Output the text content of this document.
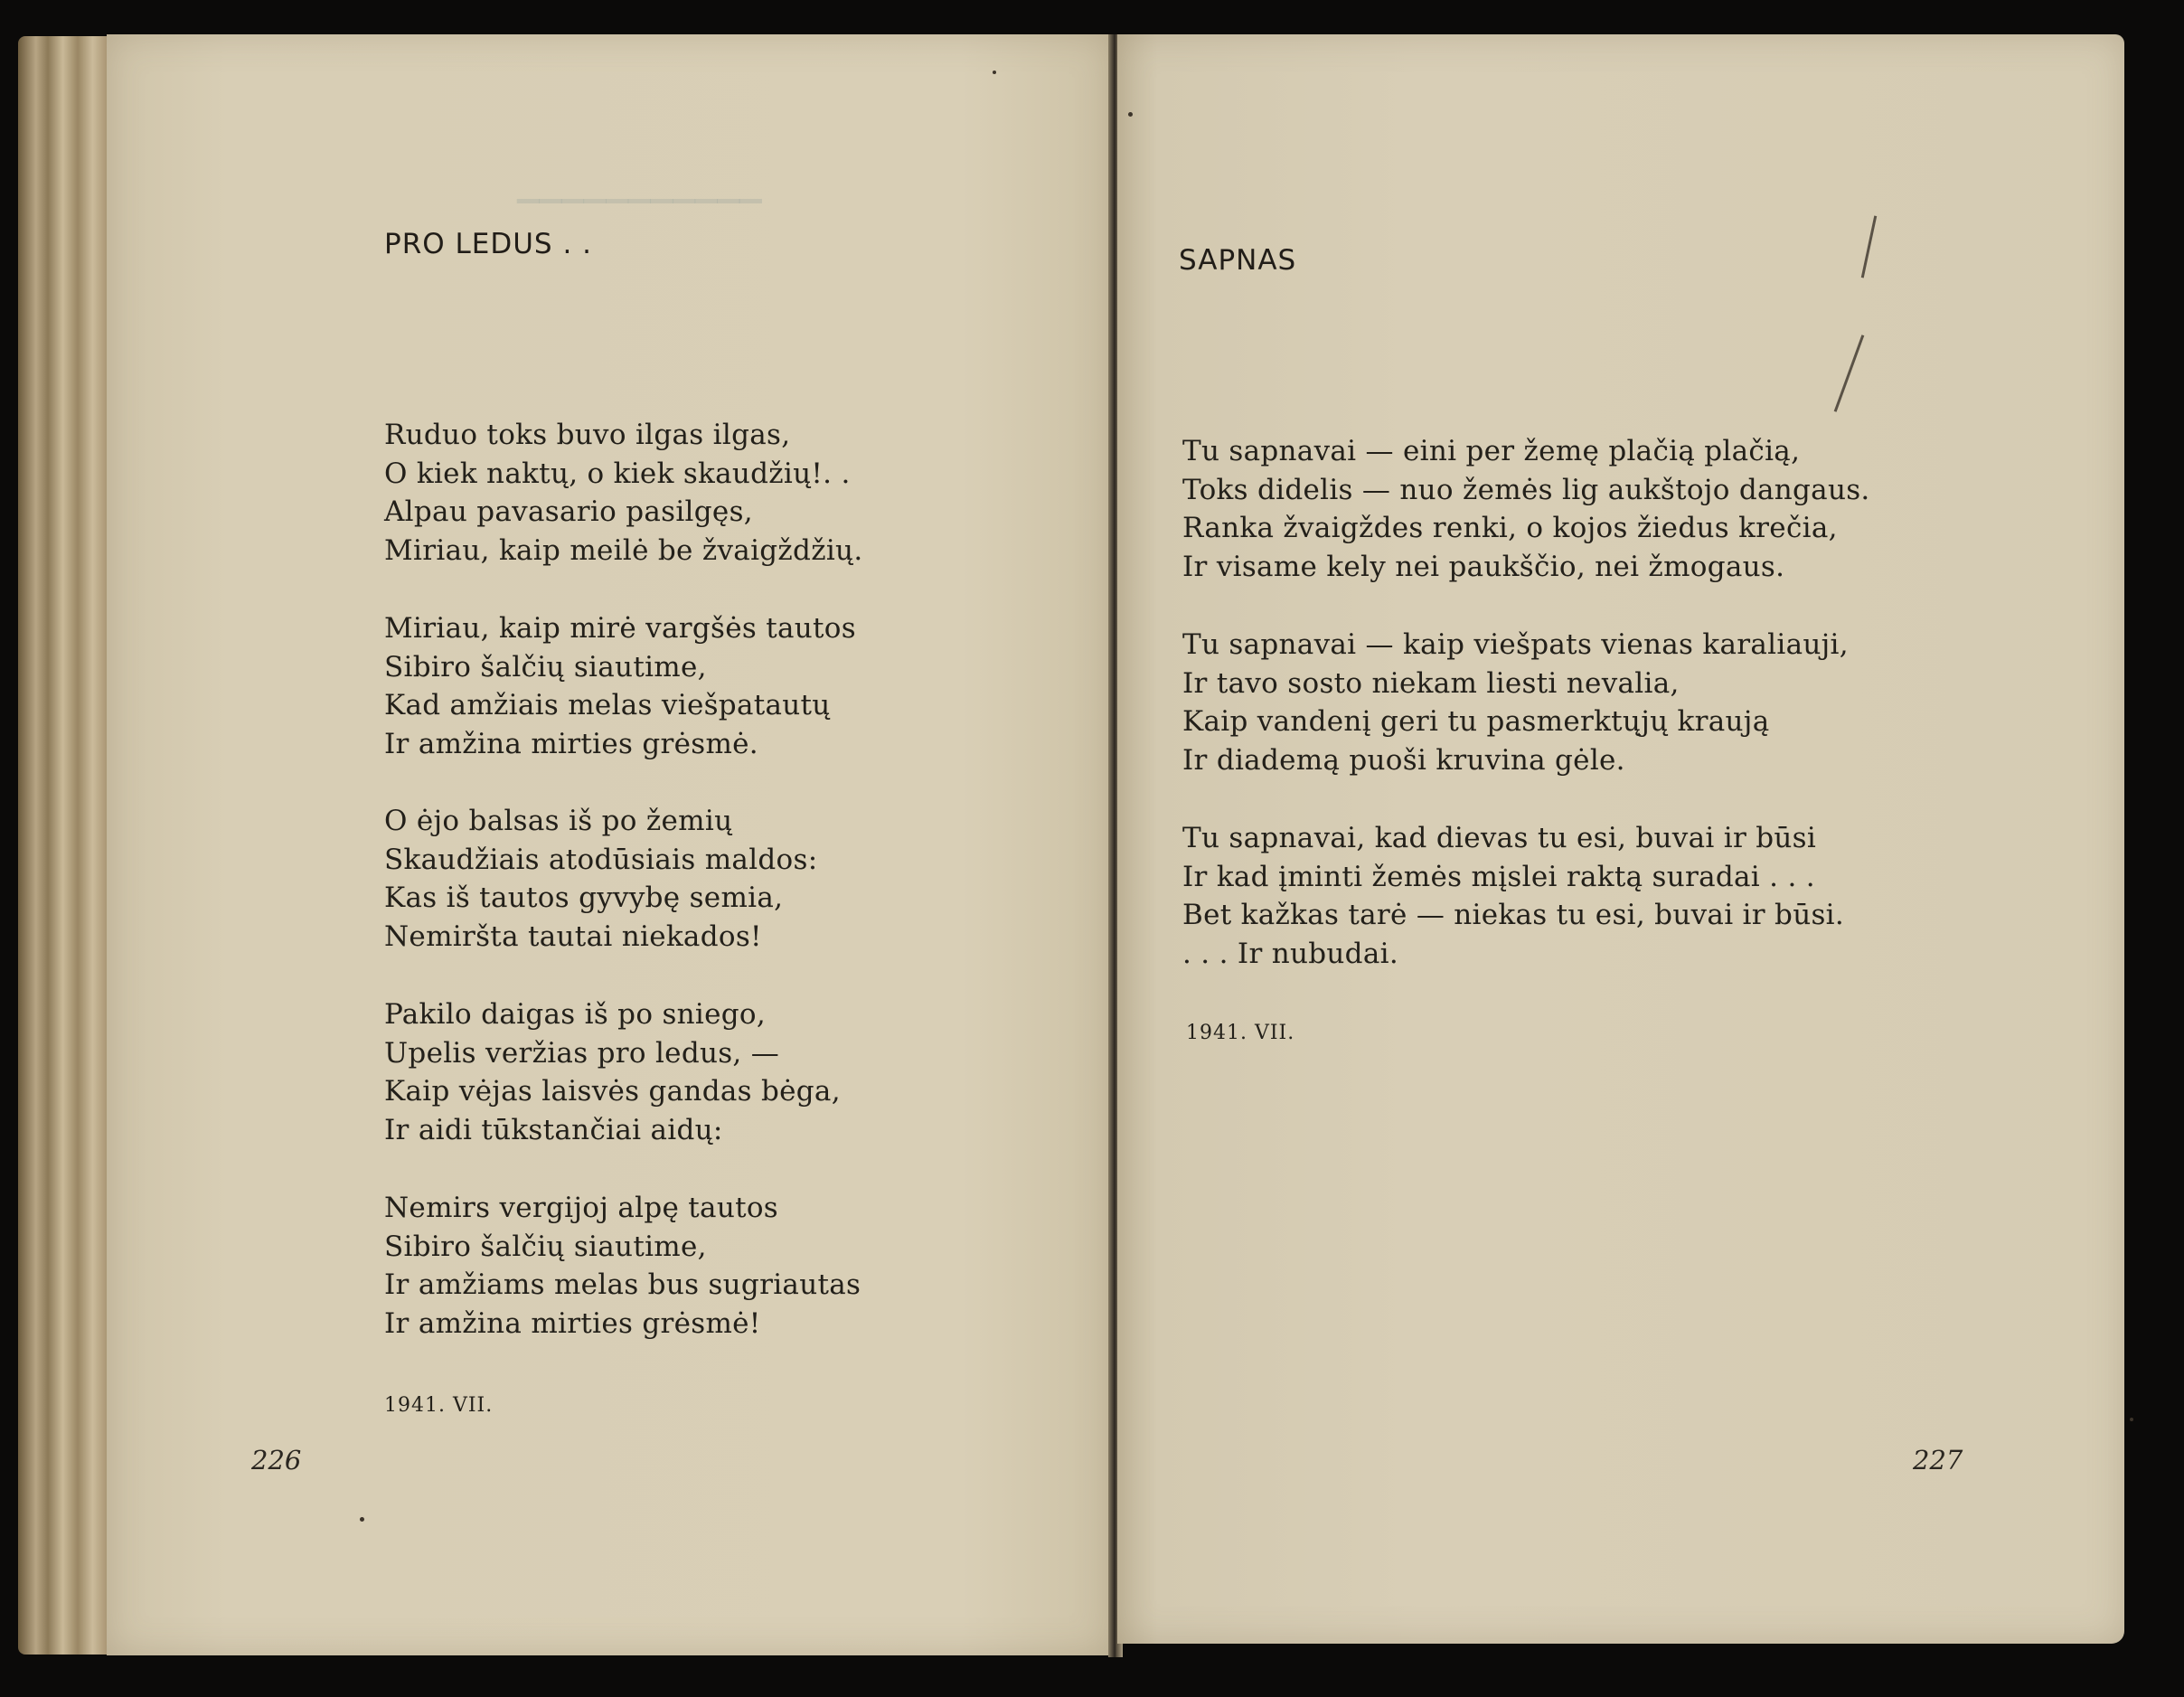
▔▔▔▔▔▔▔▔▔▔▔
PRO LEDUS . .
Ruduo toks buvo ilgas ilgas,
O kiek naktų, o kiek skaudžių!. .
Alpau pavasario pasilgęs,
Miriau, kaip meilė be žvaigždžių.
Miriau, kaip mirė vargšės tautos
Sibiro šalčių siautime,
Kad amžiais melas viešpatautų
Ir amžina mirties grėsmė.
O ėjo balsas iš po žemių
Skaudžiais atodūsiais maldos:
Kas iš tautos gyvybę semia,
Nemiršta tautai niekados!
Pakilo daigas iš po sniego,
Upelis veržias pro ledus, —
Kaip vėjas laisvės gandas bėga,
Ir aidi tūkstančiai aidų:
Nemirs vergijoj alpę tautos
Sibiro šalčių siautime,
Ir amžiams melas bus sugriautas
Ir amžina mirties grėsmė!
1941. VII.
226
SAPNAS
Tu sapnavai — eini per žemę plačią plačią,
Toks didelis — nuo žemės lig aukštojo dangaus.
Ranka žvaigždes renki, o kojos žiedus krečia,
Ir visame kely nei paukščio, nei žmogaus.
Tu sapnavai — kaip viešpats vienas karaliauji,
Ir tavo sosto niekam liesti nevalia,
Kaip vandenį geri tu pasmerktųjų kraują
Ir diademą puoši kruvina gėle.
Tu sapnavai, kad dievas tu esi, buvai ir būsi
Ir kad įminti žemės mįslei raktą suradai . . .
Bet kažkas tarė — niekas tu esi, buvai ir būsi.
. . . Ir nubudai.
1941. VII.
227
